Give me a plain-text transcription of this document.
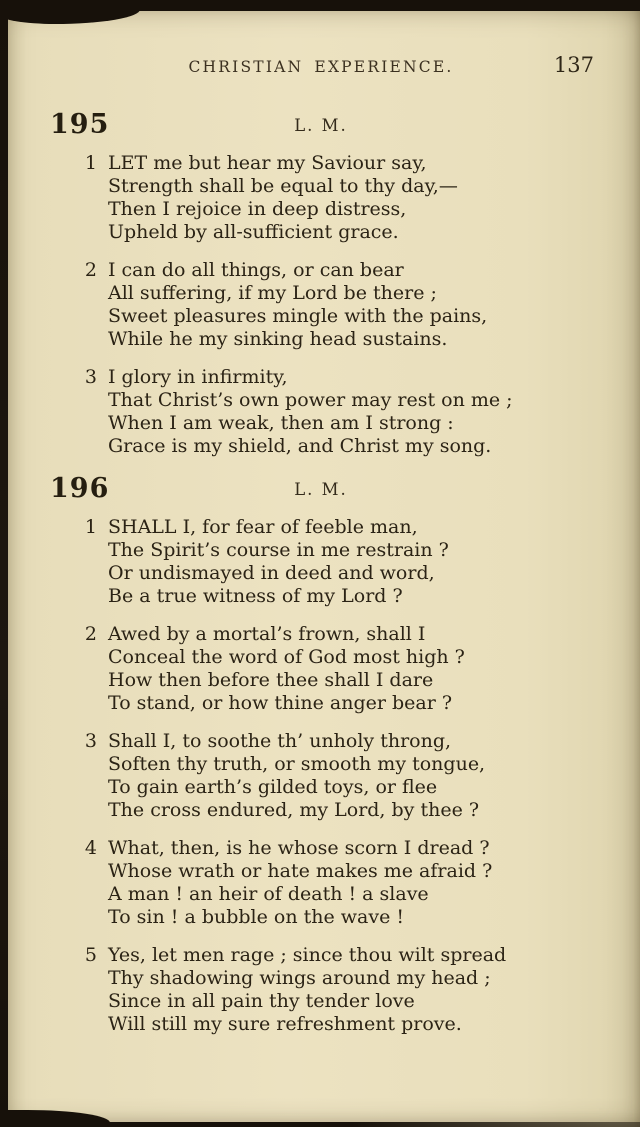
CHRISTIAN EXPERIENCE.	137
195	L. M.
1 LET me but hear my Saviour say,
Strength shall be equal to thy day,—
Then I rejoice in deep distress,
Upheld by all-sufficient grace.
2 I can do all things, or can bear
All suffering, if my Lord be there ;
Sweet pleasures mingle with the pains,
While he my sinking head sustains.
3 I glory in infirmity,
That Christ’s own power may rest on me ;
When I am weak, then am I strong :
Grace is my shield, and Christ my song.
196	L. M.
1 SHALL I, for fear of feeble man,
The Spirit’s course in me restrain ?
Or undismayed in deed and word,
Be a true witness of my Lord ?
2 Awed by a mortal’s frown, shall I
Conceal the word of God most high ?
How then before thee shall I dare
To stand, or how thine anger bear ?
3 Shall I, to soothe th’ unholy throng,
Soften thy truth, or smooth my tongue,
To gain earth’s gilded toys, or flee
The cross endured, my Lord, by thee ?
4 What, then, is he whose scorn I dread ?
Whose wrath or hate makes me afraid ?
A man ! an heir of death ! a slave
To sin ! a bubble on the wave !
5 Yes, let men rage ; since thou wilt spread
Thy shadowing wings around my head ;
Since in all pain thy tender love
Will still my sure refreshment prove.
